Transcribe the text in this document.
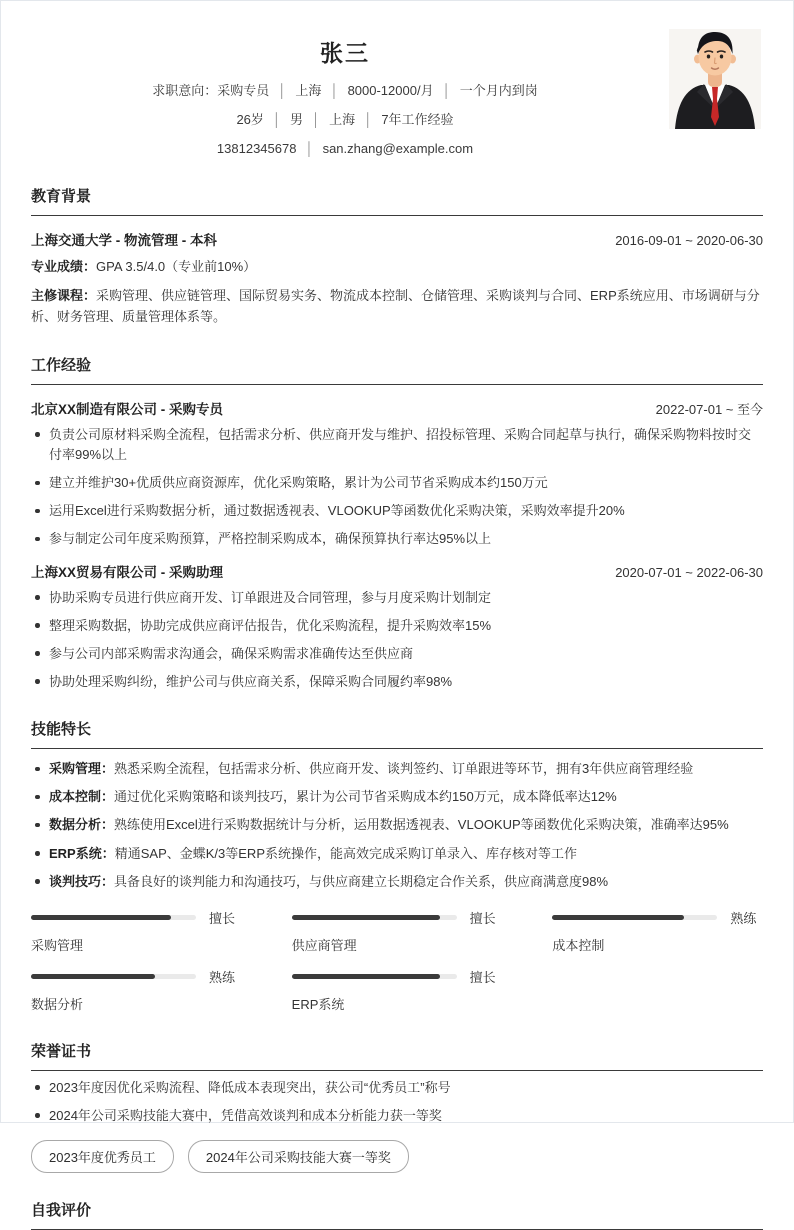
张三
求职意向：采购专员 │ 上海 │ 8000-12000/月 │ 一个月内到岗
26岁 │ 男 │ 上海 │ 7年工作经验
13812345678 │ san.zhang@example.com
教育背景
上海交通大学 - 物流管理 - 本科	2016-09-01 ~ 2020-06-30
专业成绩：GPA 3.5/4.0（专业前10%）
主修课程：采购管理、供应链管理、国际贸易实务、物流成本控制、仓储管理、采购谈判与合同、ERP系统应用、市场调研与分析、财务管理、质量管理体系等。
工作经验
北京XX制造有限公司 - 采购专员	2022-07-01 ~ 至今
负责公司原材料采购全流程，包括需求分析、供应商开发与维护、招投标管理、采购合同起草与执行，确保采购物料按时交付率99%以上
建立并维护30+优质供应商资源库，优化采购策略，累计为公司节省采购成本约150万元
运用Excel进行采购数据分析，通过数据透视表、VLOOKUP等函数优化采购决策，采购效率提升20%
参与制定公司年度采购预算，严格控制采购成本，确保预算执行率达95%以上
上海XX贸易有限公司 - 采购助理	2020-07-01 ~ 2022-06-30
协助采购专员进行供应商开发、订单跟进及合同管理，参与月度采购计划制定
整理采购数据，协助完成供应商评估报告，优化采购流程，提升采购效率15%
参与公司内部采购需求沟通会，确保采购需求准确传达至供应商
协助处理采购纠纷，维护公司与供应商关系，保障采购合同履约率98%
技能特长
采购管理：熟悉采购全流程，包括需求分析、供应商开发、谈判签约、订单跟进等环节，拥有3年供应商管理经验
成本控制：通过优化采购策略和谈判技巧，累计为公司节省采购成本约150万元，成本降低率达12%
数据分析：熟练使用Excel进行采购数据统计与分析，运用数据透视表、VLOOKUP等函数优化采购决策，准确率达95%
ERP系统：精通SAP、金蝶K/3等ERP系统操作，能高效完成采购订单录入、库存核对等工作
谈判技巧：具备良好的谈判能力和沟通技巧，与供应商建立长期稳定合作关系，供应商满意度98%
擅长
采购管理
擅长
供应商管理
熟练
成本控制
熟练
数据分析
擅长
ERP系统
荣誉证书
2023年度因优化采购流程、降低成本表现突出，获公司“优秀员工”称号
2024年公司采购技能大赛中，凭借高效谈判和成本分析能力获一等奖
2023年度优秀员工	2024年公司采购技能大赛一等奖
自我评价
